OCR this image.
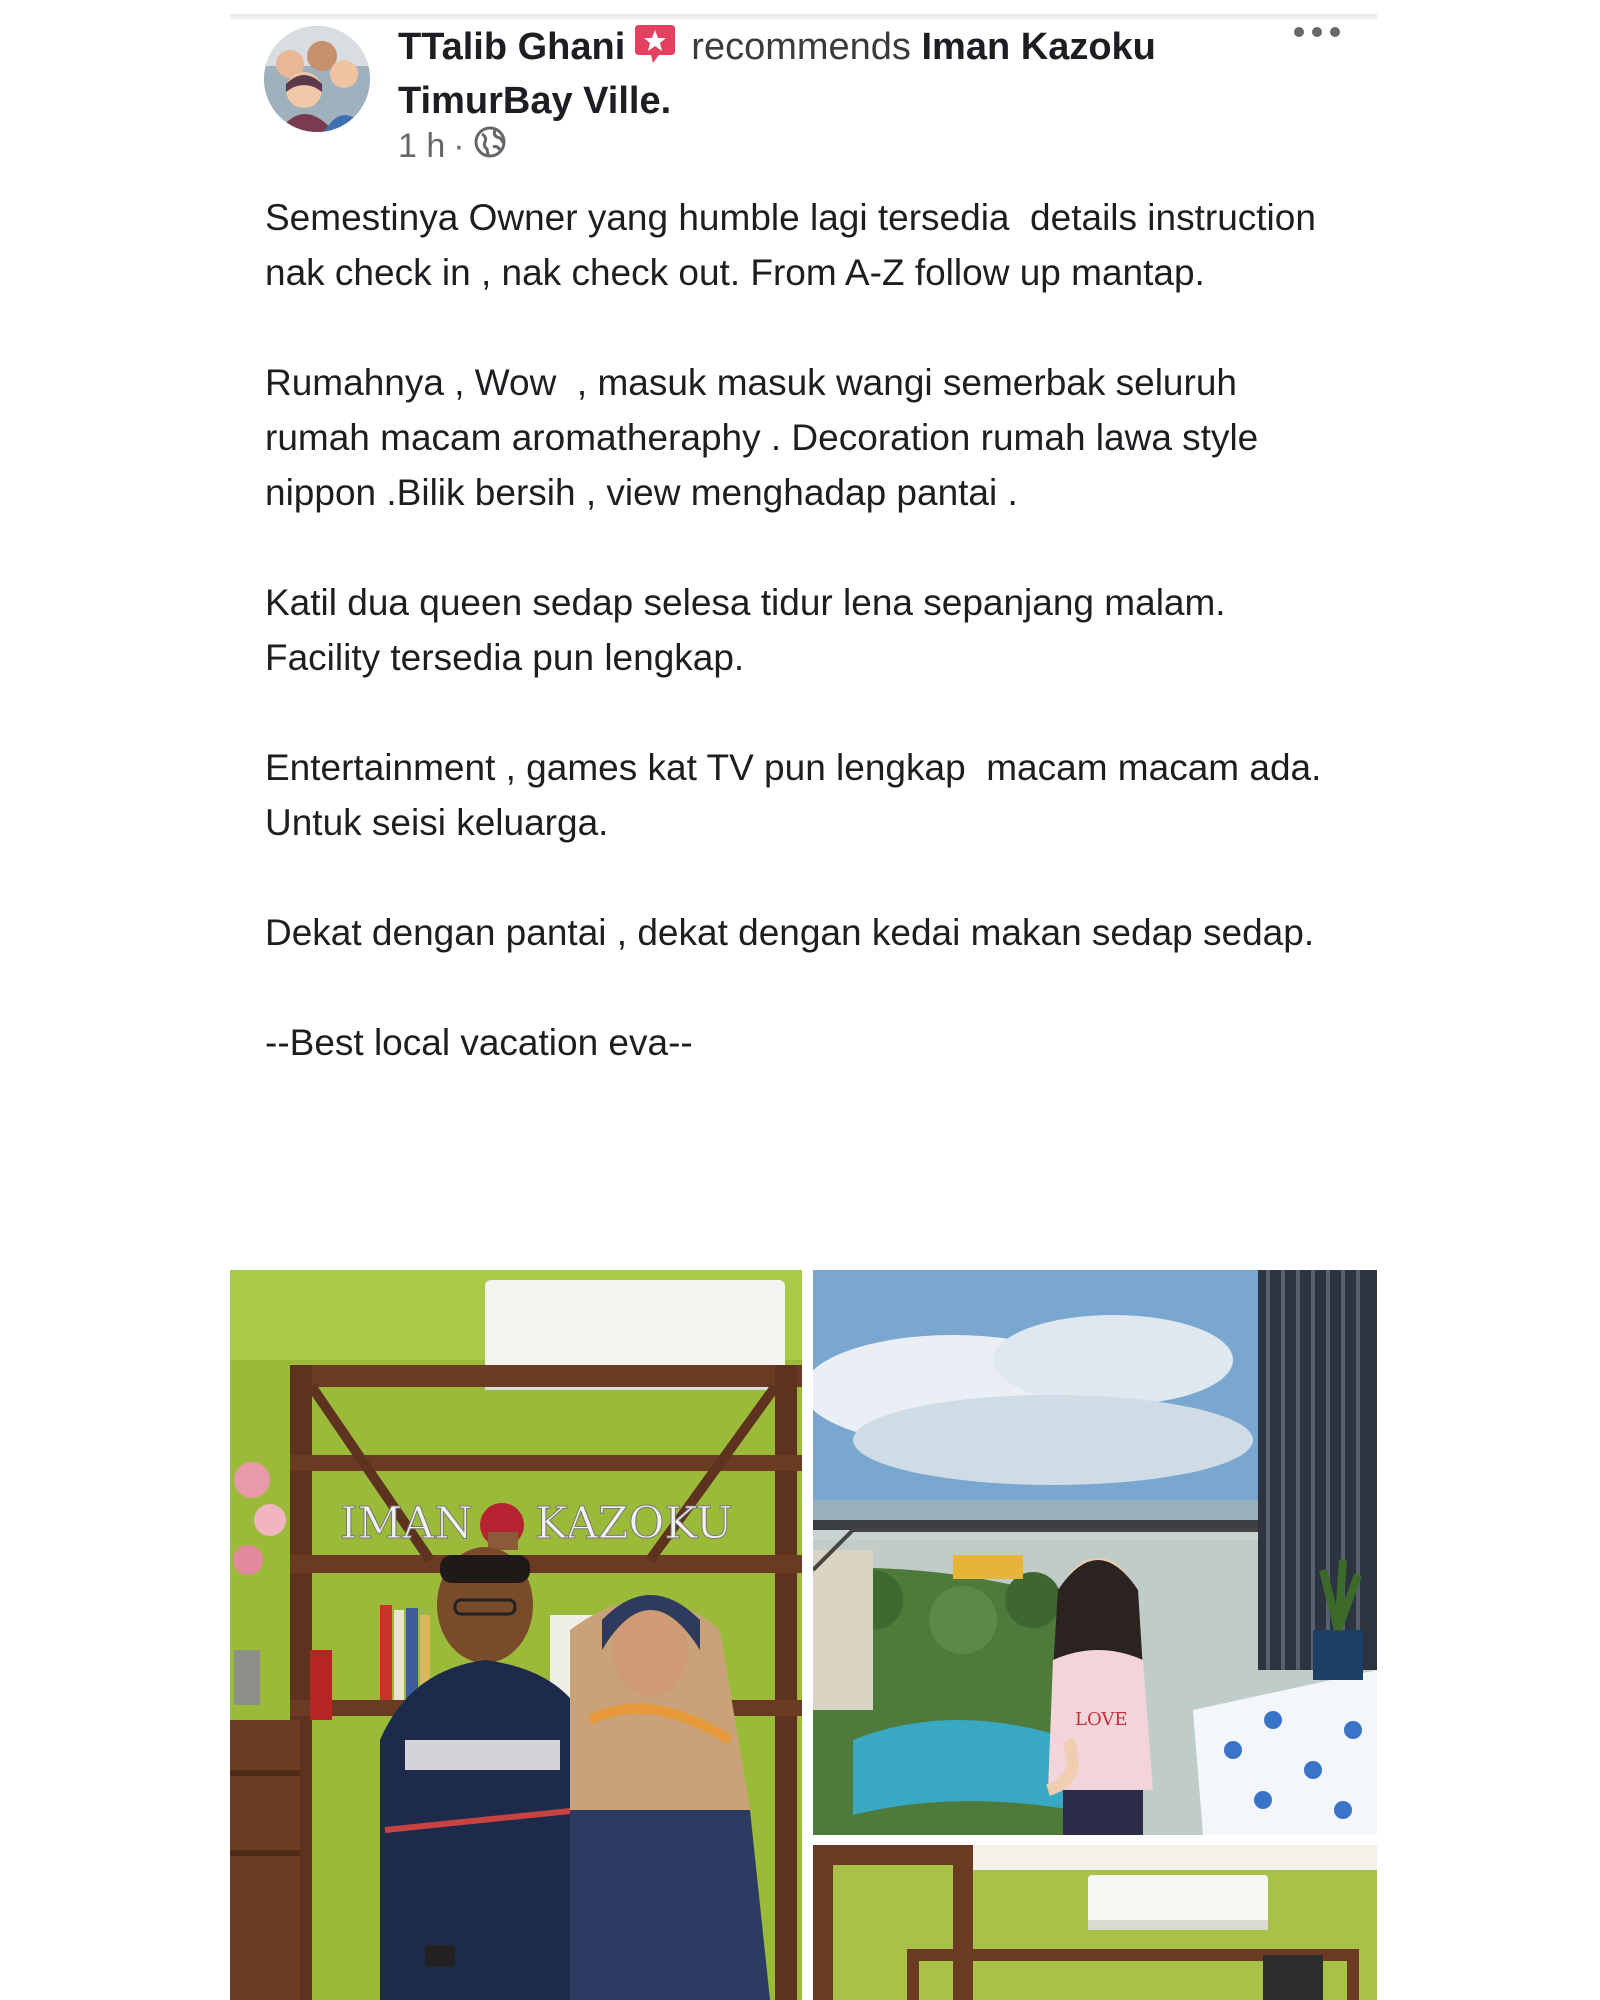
TTalib Ghani recommends Iman Kazoku TimurBay Ville.
1 h ·

Semestinya Owner yang humble lagi tersedia  details instruction nak check in , nak check out. From A-Z follow up mantap.

Rumahnya , Wow  , masuk masuk wangi semerbak seluruh rumah macam aromatheraphy . Decoration rumah lawa style nippon .Bilik bersih , view menghadap pantai .

Katil dua queen sedap selesa tidur lena sepanjang malam. Facility tersedia pun lengkap.

Entertainment , games kat TV pun lengkap  macam macam ada. Untuk seisi keluarga.

Dekat dengan pantai , dekat dengan kedai makan sedap sedap.

--Best local vacation eva--

IMAN KAZOKU
LOVE
